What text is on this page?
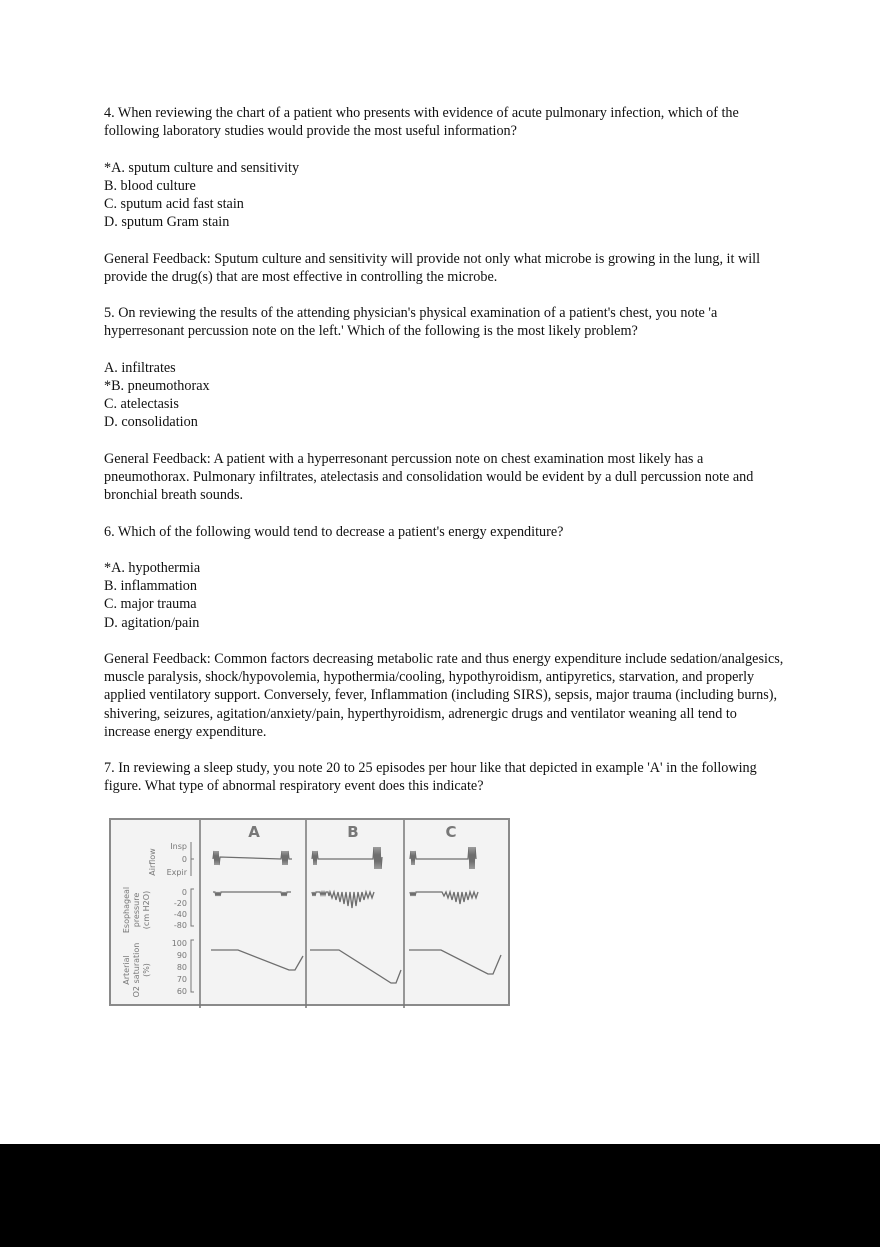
4. When reviewing the chart of a patient who presents with evidence of acute pulmonary infection, which of the following laboratory studies would provide the most useful information?

*A. sputum culture and sensitivity

B. blood culture

C. sputum acid fast stain

D. sputum Gram stain

General Feedback: Sputum culture and sensitivity will provide not only what microbe is growing in the lung, it will provide the drug(s) that are most effective in controlling the microbe.

5. On reviewing the results of the attending physician's physical examination of a patient's chest, you note 'a hyperresonant percussion note on the left.' Which of the following is the most likely problem?

A. infiltrates

*B. pneumothorax

C. atelectasis

D. consolidation

General Feedback: A patient with a hyperresonant percussion note on chest examination most likely has a pneumothorax. Pulmonary infiltrates, atelectasis and consolidation would be evident by a dull percussion note and bronchial breath sounds.

6. Which of the following would tend to decrease a patient's energy expenditure?

*A. hypothermia

B. inflammation

C. major trauma

D. agitation/pain

General Feedback: Common factors decreasing metabolic rate and thus energy expenditure include sedation/analgesics, muscle paralysis, shock/hypovolemia, hypothermia/cooling, hypothyroidism, antipyretics, starvation, and properly applied ventilatory support. Conversely, fever, Inflammation (including SIRS), sepsis, major trauma (including burns), shivering, seizures, agitation/anxiety/pain, hyperthyroidism, adrenergic drugs and ventilator weaning all tend to increase energy expenditure.

7. In reviewing a sleep study, you note 20 to 25 episodes per hour like that depicted in example 'A' in the following figure. What type of abnormal respiratory event does this indicate?

A	B	C
Airflow
Esophageal pressure (cm H2O)
Arterial O2 saturation (%)
Insp
0
Expir
0
-20
-40
-80
100
90
80
70
60
